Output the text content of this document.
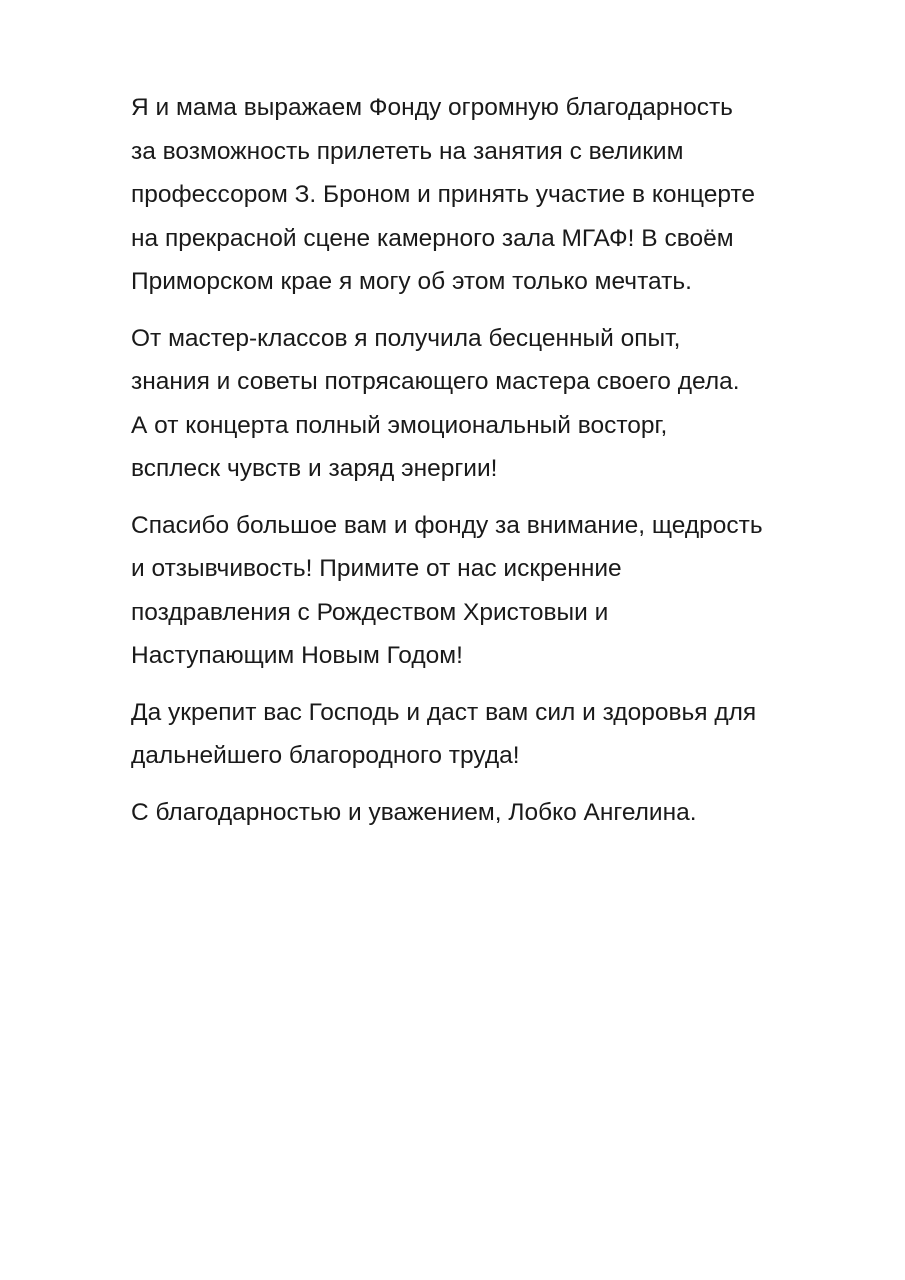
Я и мама выражаем Фонду огромную благодарность
за возможность прилететь на занятия с великим
профессором З. Броном и принять участие в концерте
на прекрасной сцене камерного зала МГАФ! В своём
Приморском крае я могу об этом только мечтать.

От мастер-классов я получила бесценный опыт,
знания и советы потрясающего мастера своего дела.
А от концерта полный эмоциональный восторг,
всплеск чувств и заряд энергии!

Спасибо большое вам и фонду за внимание, щедрость
и отзывчивость! Примите от нас искренние
поздравления с Рождеством Христовыи и
Наступающим Новым Годом!

Да укрепит вас Господь и даст вам сил и здоровья для
дальнейшего благородного труда!

С благодарностью и уважением, Лобко Ангелина.
